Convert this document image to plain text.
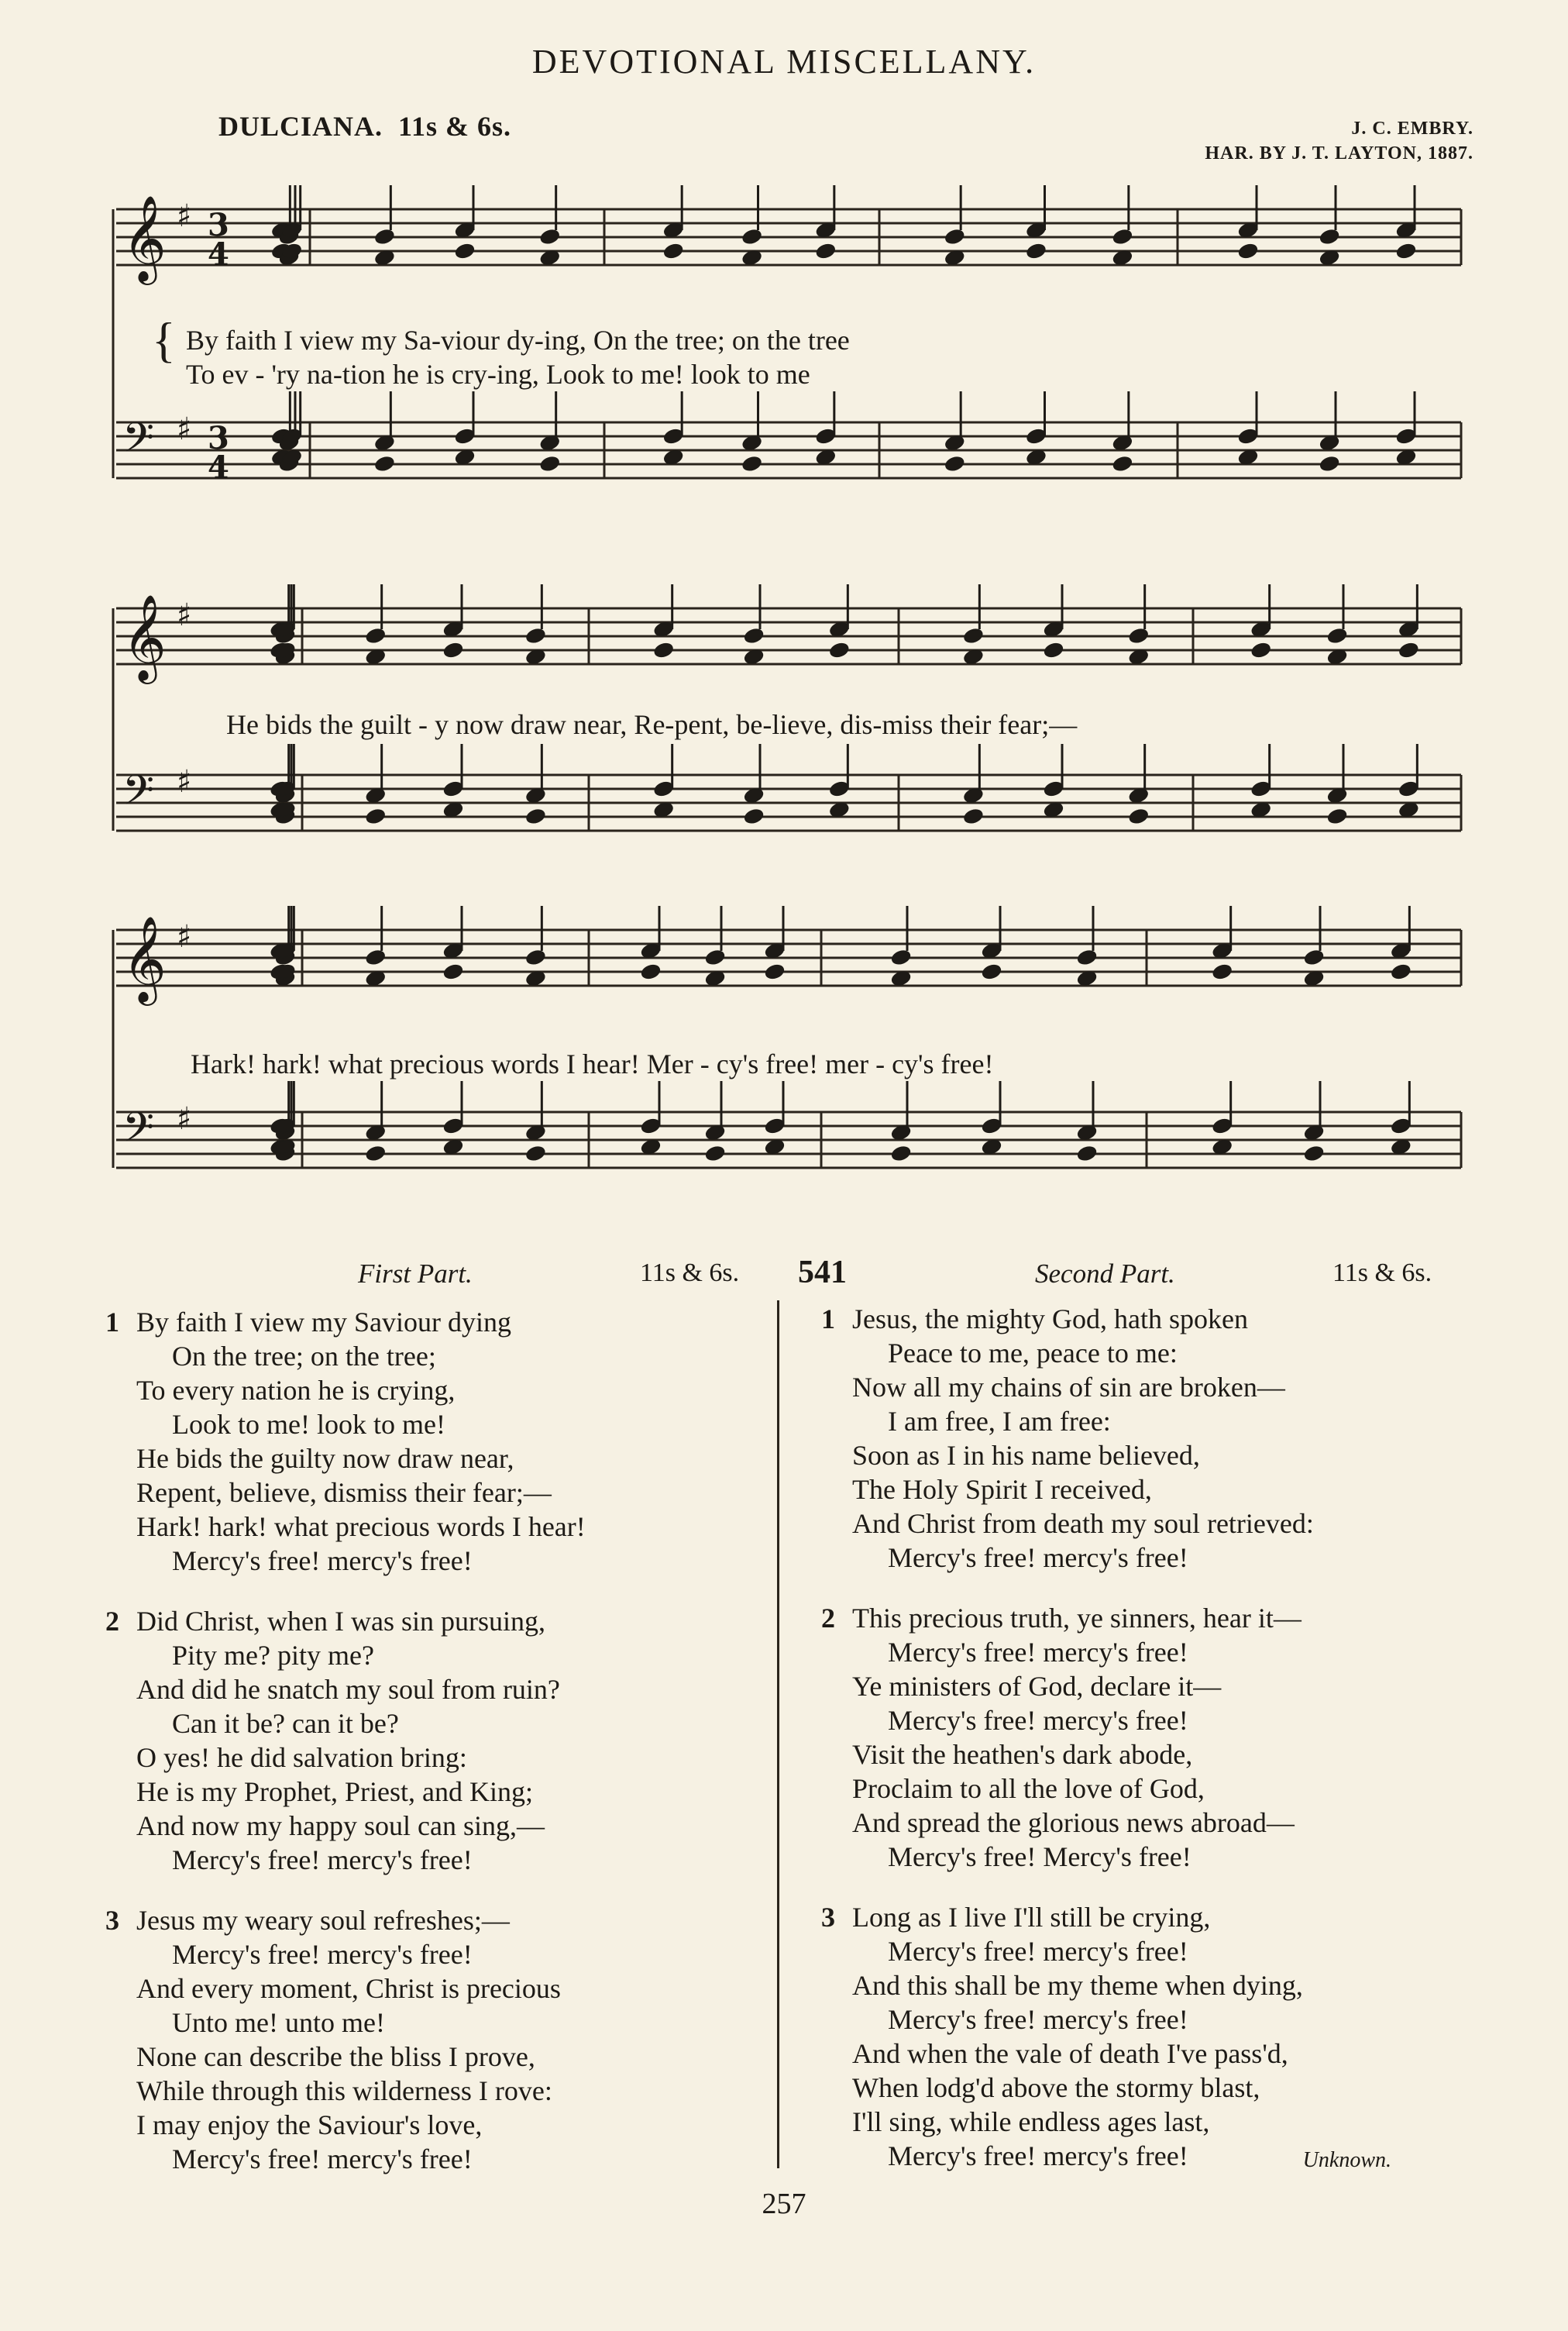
DEVOTIONAL MISCELLANY.
DULCIANA. 11s & 6s.	J. C. EMBRY.
HAR. BY J. T. LAYTON, 1887.
𝄞 ♯ 3
4
𝄢 ♯ 3
4
𝄞 ♯
𝄢 ♯
𝄞 ♯
𝄢 ♯
{ By faith I view my Sa-viour dy-ing, On the tree; on the tree
To ev - 'ry na-tion he is cry-ing, Look to me! look to me
He bids the guilt - y now draw near, Re-pent, be-lieve, dis-miss their fear;—
Hark! hark! what precious words I hear! Mer - cy's free! mer - cy's free!
First Part.	11s & 6s. 541	Second Part.	11s & 6s.
1 By faith I view my Saviour dying
On the tree; on the tree;
To every nation he is crying,
Look to me! look to me!
He bids the guilty now draw near,
Repent, believe, dismiss their fear;—
Hark! hark! what precious words I hear!
Mercy's free! mercy's free!
2 Did Christ, when I was sin pursuing,
Pity me? pity me?
And did he snatch my soul from ruin?
Can it be? can it be?
O yes! he did salvation bring:
He is my Prophet, Priest, and King;
And now my happy soul can sing,—
Mercy's free! mercy's free!
3 Jesus my weary soul refreshes;—
Mercy's free! mercy's free!
And every moment, Christ is precious
Unto me! unto me!
None can describe the bliss I prove,
While through this wilderness I rove:
I may enjoy the Saviour's love,
Mercy's free! mercy's free!
1 Jesus, the mighty God, hath spoken
Peace to me, peace to me:
Now all my chains of sin are broken—
I am free, I am free:
Soon as I in his name believed,
The Holy Spirit I received,
And Christ from death my soul retrieved:
Mercy's free! mercy's free!
2 This precious truth, ye sinners, hear it—
Mercy's free! mercy's free!
Ye ministers of God, declare it—
Mercy's free! mercy's free!
Visit the heathen's dark abode,
Proclaim to all the love of God,
And spread the glorious news abroad—
Mercy's free! Mercy's free!
3 Long as I live I'll still be crying,
Mercy's free! mercy's free!
And this shall be my theme when dying,
Mercy's free! mercy's free!
And when the vale of death I've pass'd,
When lodg'd above the stormy blast,
I'll sing, while endless ages last,
Mercy's free! mercy's free!	Unknown.
257
